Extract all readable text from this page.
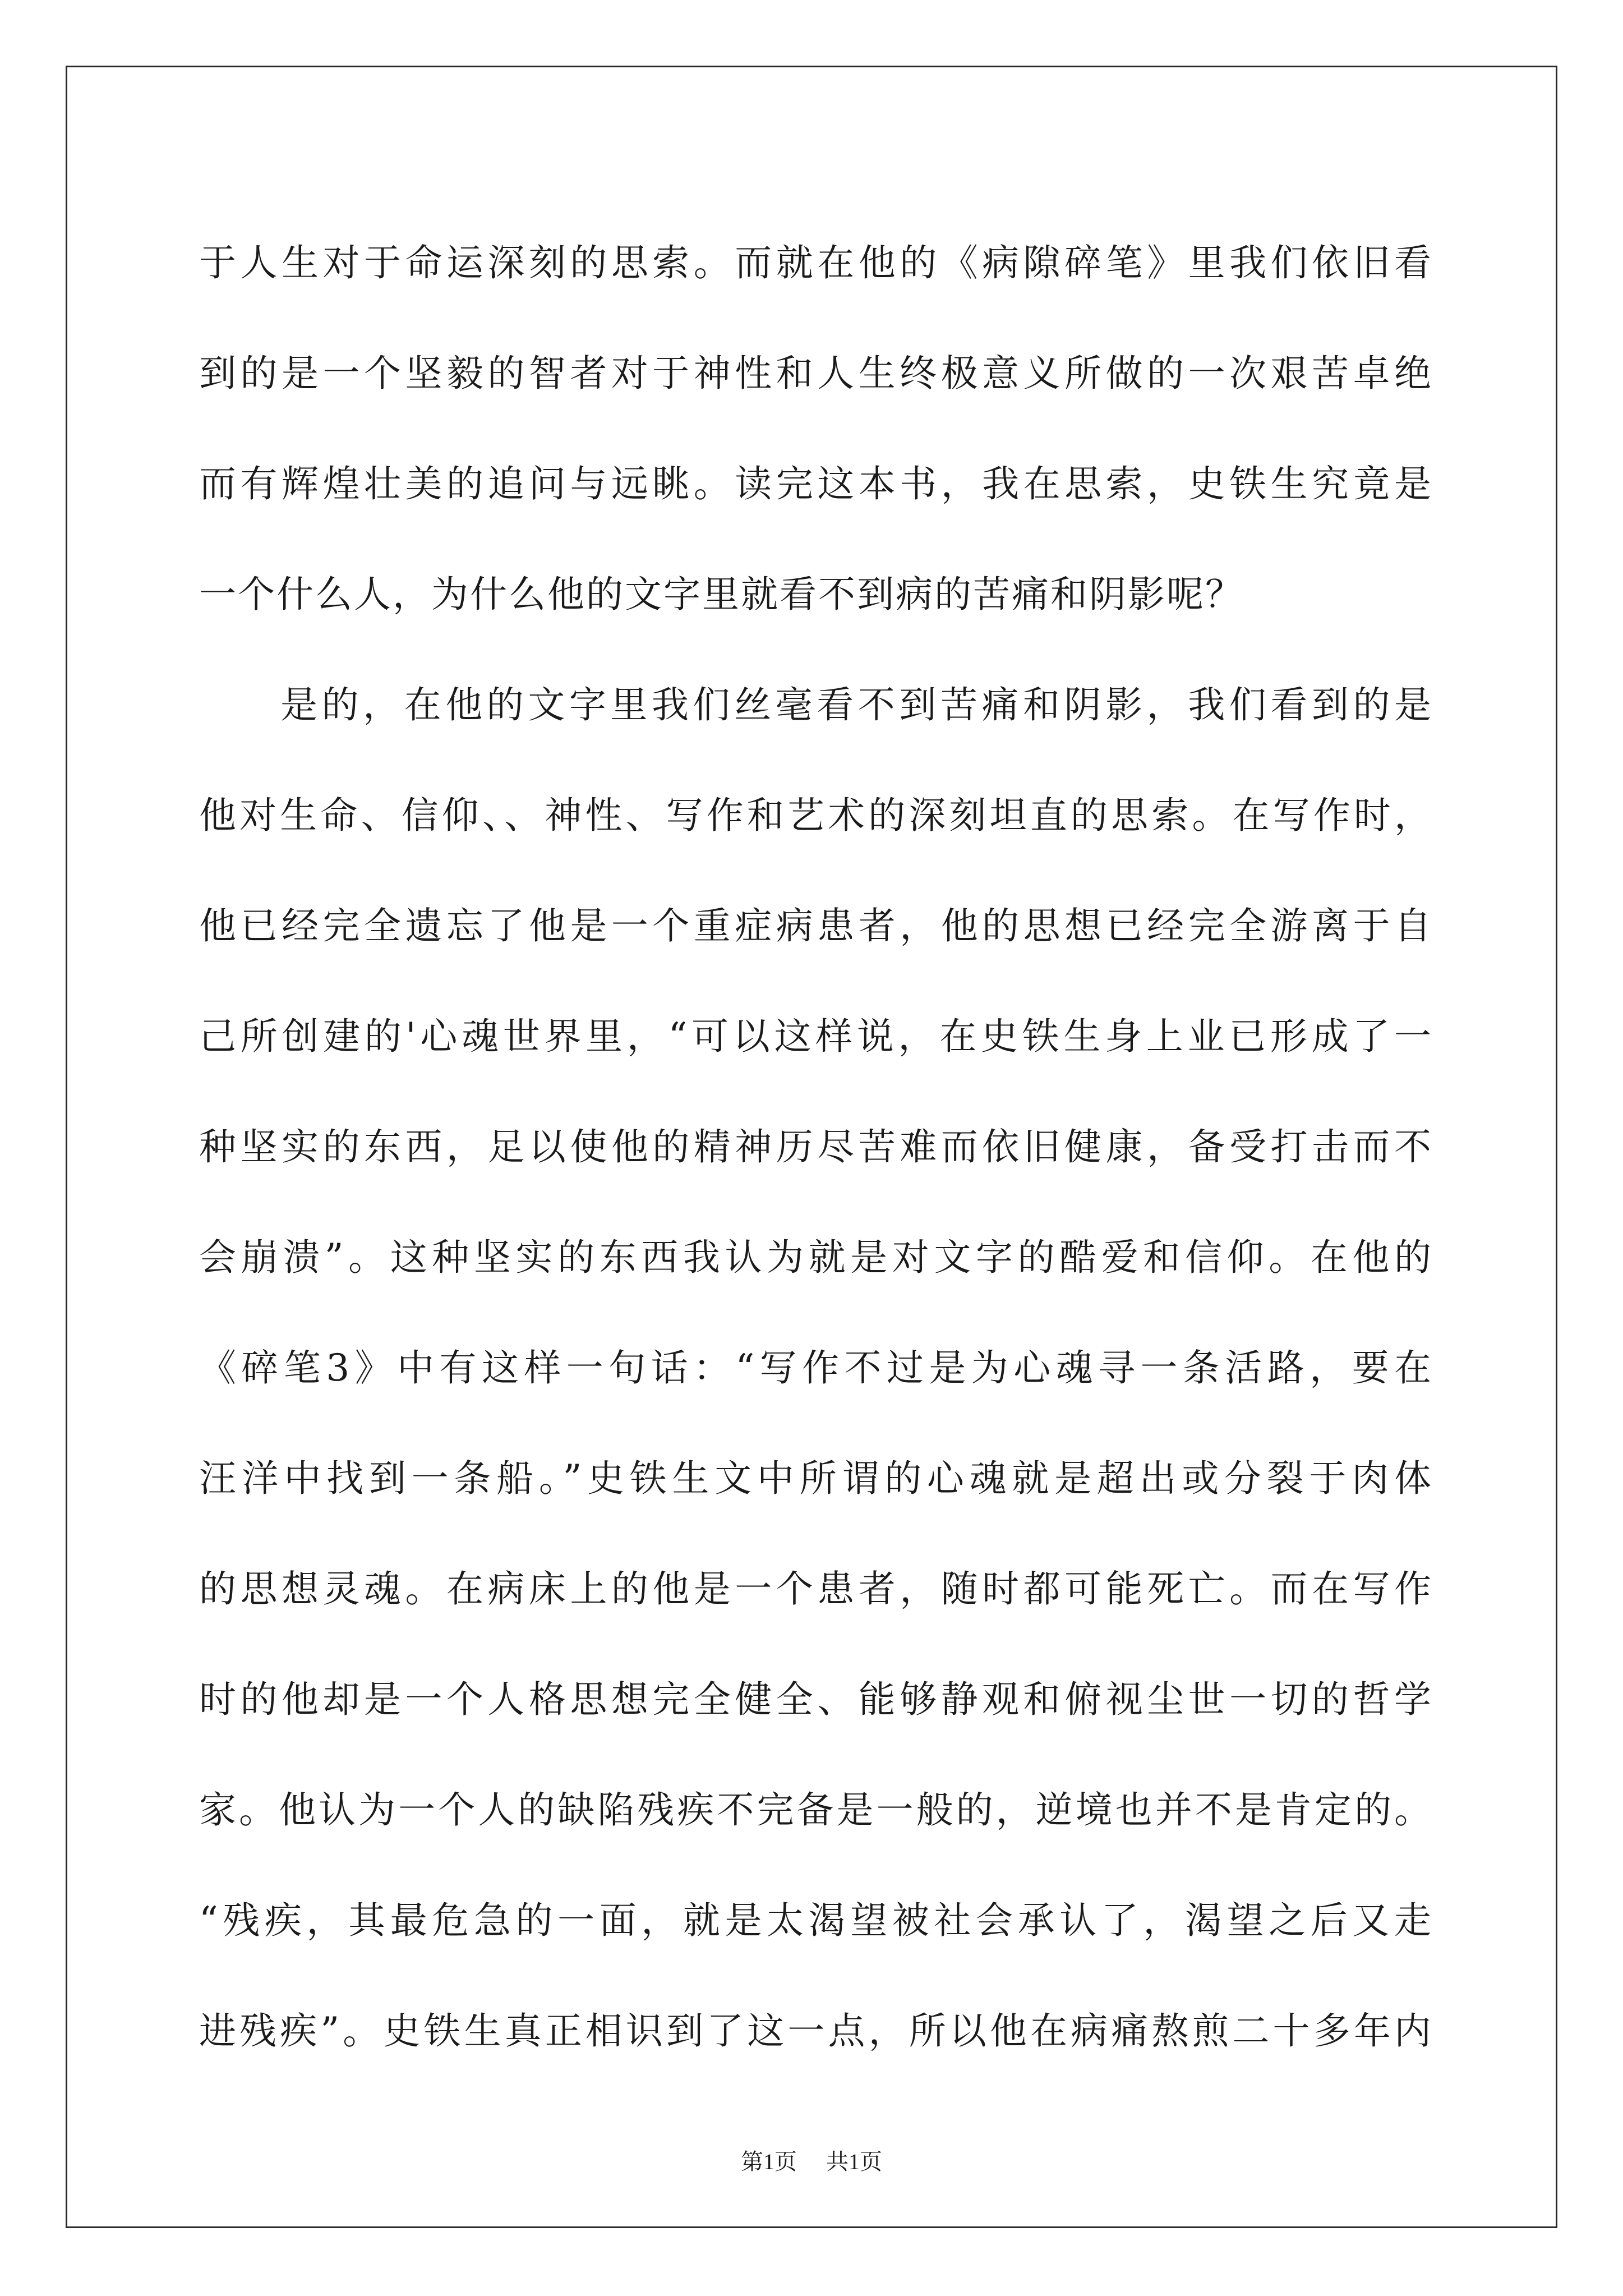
于人生对于命运深刻的思索。而就在他的《病隙碎笔》里我们依旧看
到的是一个坚毅的智者对于神性和人生终极意义所做的一次艰苦卓绝
而有辉煌壮美的追问与远眺。读完这本书，我在思索，史铁生究竟是
一个什么人，为什么他的文字里就看不到病的苦痛和阴影呢？
是的，在他的文字里我们丝毫看不到苦痛和阴影，我们看到的是
他对生命、信仰、、神性、写作和艺术的深刻坦直的思索。在写作时，
他已经完全遗忘了他是一个重症病患者，他的思想已经完全游离于自
己所创建的'心魂世界里，“可以这样说，在史铁生身上业已形成了一
种坚实的东西，足以使他的精神历尽苦难而依旧健康，备受打击而不
会崩溃”。这种坚实的东西我认为就是对文字的酷爱和信仰。在他的
《碎笔3》中有这样一句话：“写作不过是为心魂寻一条活路，要在
汪洋中找到一条船。”史铁生文中所谓的心魂就是超出或分裂于肉体
的思想灵魂。在病床上的他是一个患者，随时都可能死亡。而在写作
时的他却是一个人格思想完全健全、能够静观和俯视尘世一切的哲学
家。他认为一个人的缺陷残疾不完备是一般的，逆境也并不是肯定的。
“残疾，其最危急的一面，就是太渴望被社会承认了，渴望之后又走
进残疾”。史铁生真正相识到了这一点，所以他在病痛熬煎二十多年内
第1页 共1页
